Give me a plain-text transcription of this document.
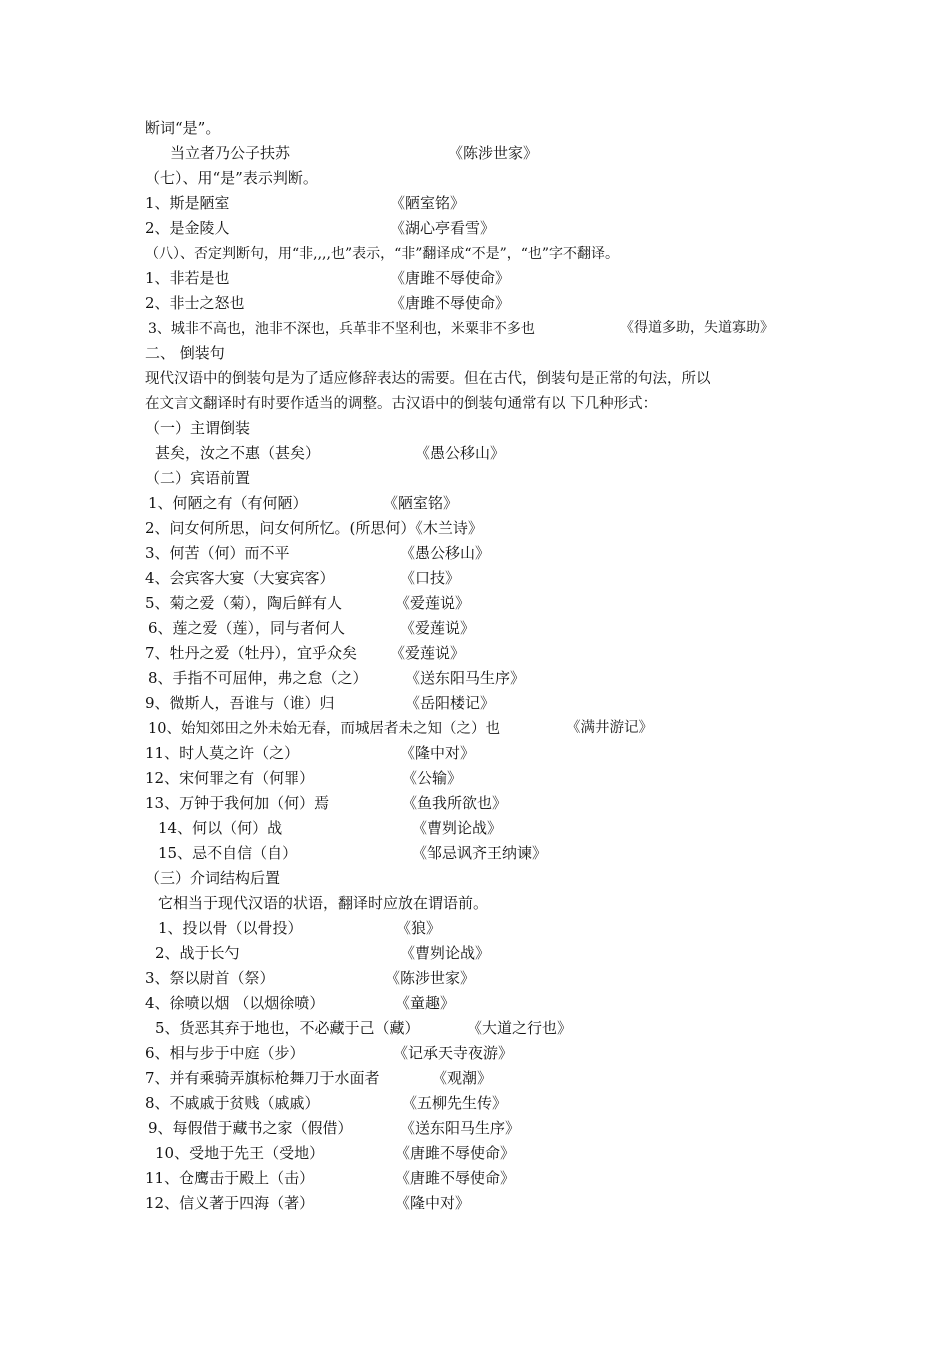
断词“是”。
当立者乃公子扶苏	《陈涉世家》
（七）、用“是”表示判断。
1、斯是陋室	《陋室铭》
2、是金陵人	《湖心亭看雪》
（八）、否定判断句，用“非,,,,也”表示，“非”翻译成“不是”，“也”字不翻译。
1、非若是也	《唐雎不辱使命》
2、非士之怒也	《唐雎不辱使命》
3、城非不高也，池非不深也，兵革非不坚利也，米粟非不多也	《得道多助，失道寡助》
二、 倒装句
现代汉语中的倒装句是为了适应修辞表达的需要。但在古代，倒装句是正常的句法，所以
在文言文翻译时有时要作适当的调整。古汉语中的倒装句通常有以 下几种形式：
（一）主谓倒装
甚矣，汝之不惠（甚矣）	《愚公移山》
（二）宾语前置
1、何陋之有（有何陋）	《陋室铭》
2、问女何所思，问女何所忆。(所思何）《木兰诗》
3、何苦（何）而不平	《愚公移山》
4、会宾客大宴（大宴宾客）	《口技》
5、菊之爱（菊），陶后鲜有人	《爱莲说》
6、莲之爱（莲），同与者何人	《爱莲说》
7、牡丹之爱（牡丹），宜乎众矣 《爱莲说》
8、手指不可屈伸，弗之怠（之） 《送东阳马生序》
9、微斯人，吾谁与（谁）归	《岳阳楼记》
10、始知郊田之外未始无春，而城居者未之知（之）也	《满井游记》
11、时人莫之许（之）	《隆中对》
12、宋何罪之有（何罪）	《公输》
13、万钟于我何加（何）焉	《鱼我所欲也》
14、何以（何）战	《曹刿论战》
15、忌不自信（自）	《邹忌讽齐王纳谏》
（三）介词结构后置
它相当于现代汉语的状语，翻译时应放在谓语前。
1、投以骨（以骨投）	《狼》
2、战于长勺	《曹刿论战》
3、祭以尉首（祭）	《陈涉世家》
4、徐喷以烟 （以烟徐喷）	《童趣》
5、货恶其弃于地也，不必藏于己（藏）	《大道之行也》
6、相与步于中庭（步）	《记承天寺夜游》
7、并有乘骑弄旗标枪舞刀于水面者	《观潮》
8、不戚戚于贫贱（戚戚）	《五柳先生传》
9、每假借于藏书之家（假借）	《送东阳马生序》
10、受地于先王（受地）	《唐雎不辱使命》
11、仓鹰击于殿上（击）	《唐雎不辱使命》
12、信义著于四海（著）	《隆中对》
